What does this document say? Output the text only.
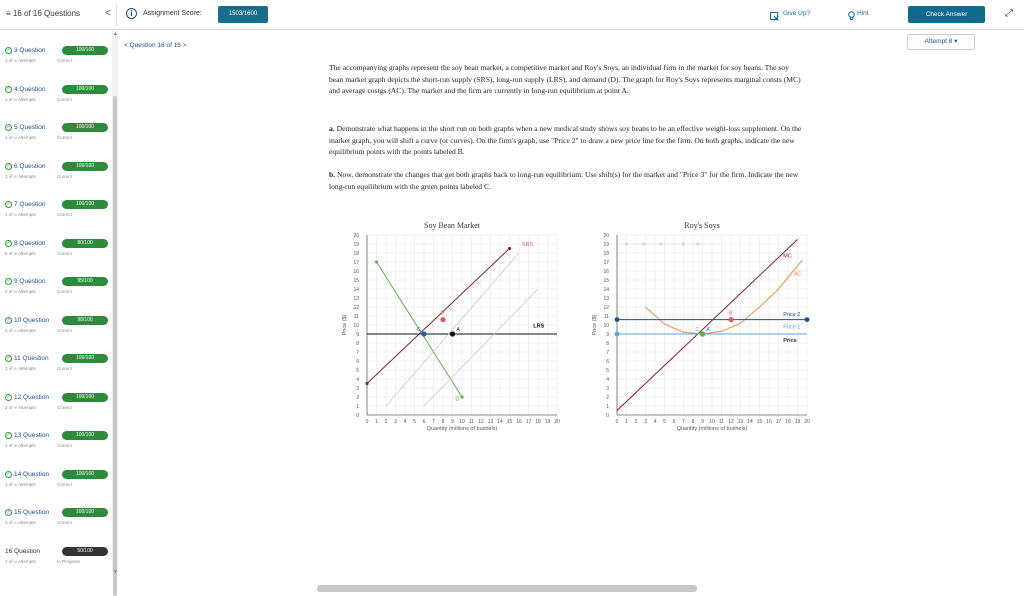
≡ 16 of 16 Questions <	i	Assignment Score:	1503/1600	Give Up?	Hint	Check Answer	⤢
▲
▼
✓ 3 Question	100/100
1 of ∞ Attempts	Correct
✓ 4 Question	100/100
1 of ∞ Attempts	Correct
✓ 5 Question	100/100
1 of ∞ Attempts	Correct
✓ 6 Question	100/100
1 of ∞ Attempts	Correct
✓ 7 Question	100/100
1 of ∞ Attempts	Correct
✓ 8 Question	80/100
5 of ∞ Attempts	Correct
✓ 9 Question	95/100
2 of ∞ Attempts	Correct
✓ 10 Question	98/100
2 of ∞ Attempts	Correct
✓ 11 Question	100/100
1 of ∞ Attempts	Correct
✓ 12 Question	100/100
1 of ∞ Attempts	Correct
✓ 13 Question	100/100
1 of ∞ Attempts	Correct
✓ 14 Question	100/100
1 of ∞ Attempts	Correct
✓ 15 Question	100/100
1 of ∞ Attempts	Correct
16 Question	50/100
7 of ∞ Attempts	In Progress
< Question 16 of 16 >
Attempt 8 ▾
The accompanying graphs represent the soy bean market, a competitive market and Roy's Soys, an individual firm in the market for soy beans. The soy bean market graph depicts the short-run supply (SRS), long-run supply (LRS), and demand (D). The graph for Roy's Soys represents marginal consts (MC) and average costgs (AC). The market and the firm are currently in long-run equilibrium at point A.
a. Demonstrate what happens in the short run on both graphs when a new medical study shows soy beans to be an effective weight-loss supplement. On the market graph, you will shift a curve (or curves). On the firm's graph, use "Price 2" to draw a new price line for the firm. On both graphs, indicate the new equilibrium points with the points labeled B.
b. Now, demonstrate the changes that get both graphs back to long-run equilibrium. Use shift(s) for the market and "Price 3" for the firm. Indicate the new long-run equilibrium with the green points labeled C.
Soy Bean Market
0 1 2 3 4 5 6 7 8 9 10 11 12 13 14 15 16 17 18 19 20
0
1
2
3
4
5
6
7
8
9
10
11
12
13
14
15
16
17
18
19
20
Quantity (millions of bushels)
Price ($)	A
B
C
SRS
LRS
D
Roy's Soys
0 1 2 3 4 5 6 7 8 9 10 11 12 13 14 15 16 17 18 19 20
0
1
2
3
4
5
6
7
8
9
10
11
12
13
14
15
16
17
18
19
20
Quantity (millions of bushels)
Price ($)	A
B
C
MC
AC
Price 2
Price 1
Price
